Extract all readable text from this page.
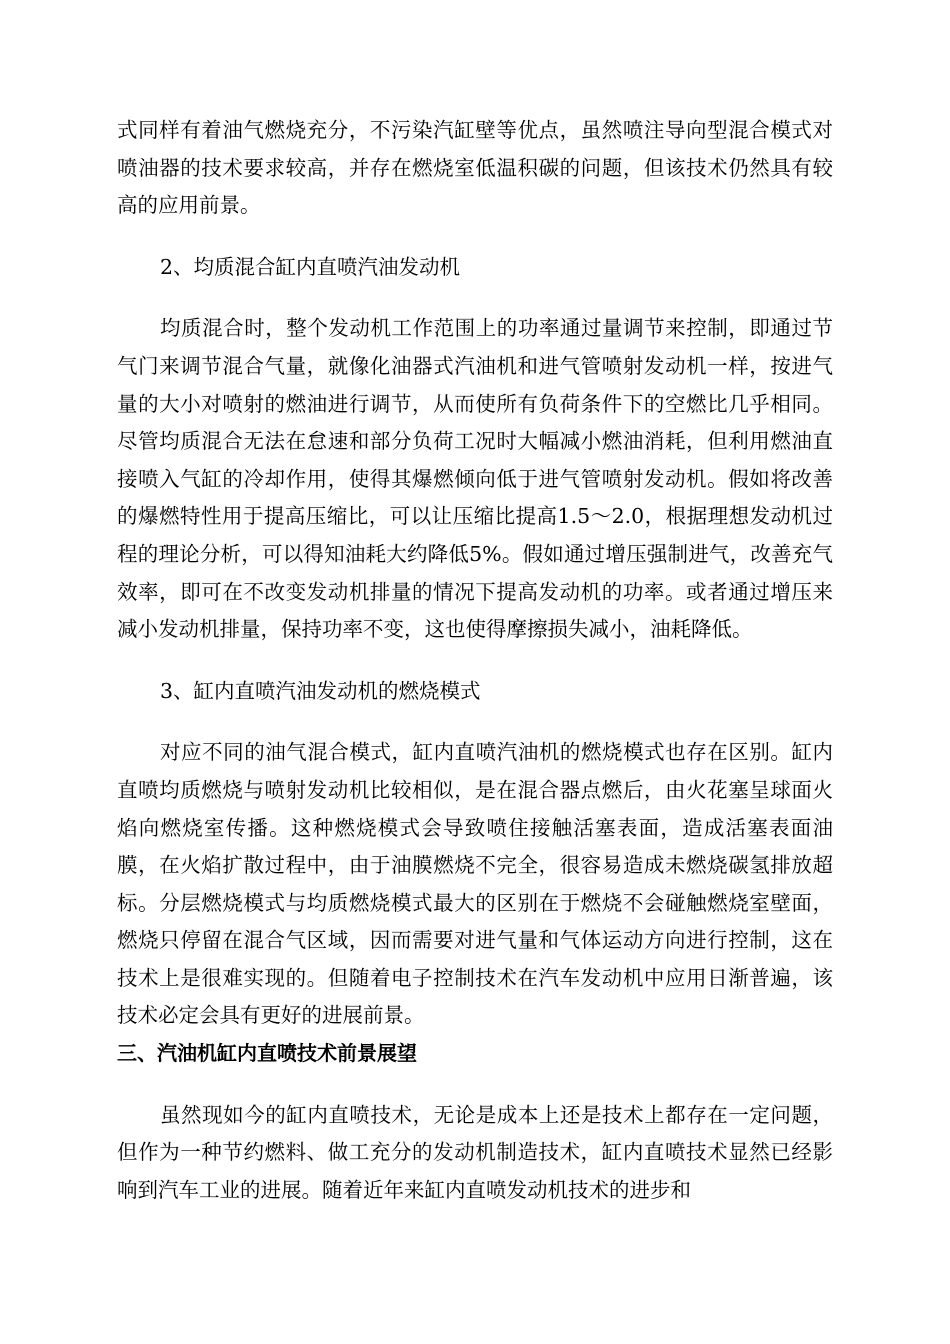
式同样有着油气燃烧充分，不污染汽缸壁等优点，虽然喷注导向型混合模式对喷油器的技术要求较高，并存在燃烧室低温积碳的问题，但该技术仍然具有较高的应用前景。

2、均质混合缸内直喷汽油发动机

均质混合时，整个发动机工作范围上的功率通过量调节来控制，即通过节气门来调节混合气量，就像化油器式汽油机和进气管喷射发动机一样，按进气量的大小对喷射的燃油进行调节，从而使所有负荷条件下的空燃比几乎相同。尽管均质混合无法在怠速和部分负荷工况时大幅减小燃油消耗，但利用燃油直接喷入气缸的冷却作用，使得其爆燃倾向低于进气管喷射发动机。假如将改善的爆燃特性用于提高压缩比，可以让压缩比提高1.5～2.0，根据理想发动机过程的理论分析，可以得知油耗大约降低5%。假如通过增压强制进气，改善充气效率，即可在不改变发动机排量的情况下提高发动机的功率。或者通过增压来减小发动机排量，保持功率不变，这也使得摩擦损失减小，油耗降低。

3、缸内直喷汽油发动机的燃烧模式

对应不同的油气混合模式，缸内直喷汽油机的燃烧模式也存在区别。缸内直喷均质燃烧与喷射发动机比较相似，是在混合器点燃后，由火花塞呈球面火焰向燃烧室传播。这种燃烧模式会导致喷住接触活塞表面，造成活塞表面油膜，在火焰扩散过程中，由于油膜燃烧不完全，很容易造成未燃烧碳氢排放超标。分层燃烧模式与均质燃烧模式最大的区别在于燃烧不会碰触燃烧室壁面，燃烧只停留在混合气区域，因而需要对进气量和气体运动方向进行控制，这在技术上是很难实现的。但随着电子控制技术在汽车发动机中应用日渐普遍，该技术必定会具有更好的进展前景。

三、汽油机缸内直喷技术前景展望

虽然现如今的缸内直喷技术，无论是成本上还是技术上都存在一定问题，但作为一种节约燃料、做工充分的发动机制造技术，缸内直喷技术显然已经影响到汽车工业的进展。随着近年来缸内直喷发动机技术的进步和
